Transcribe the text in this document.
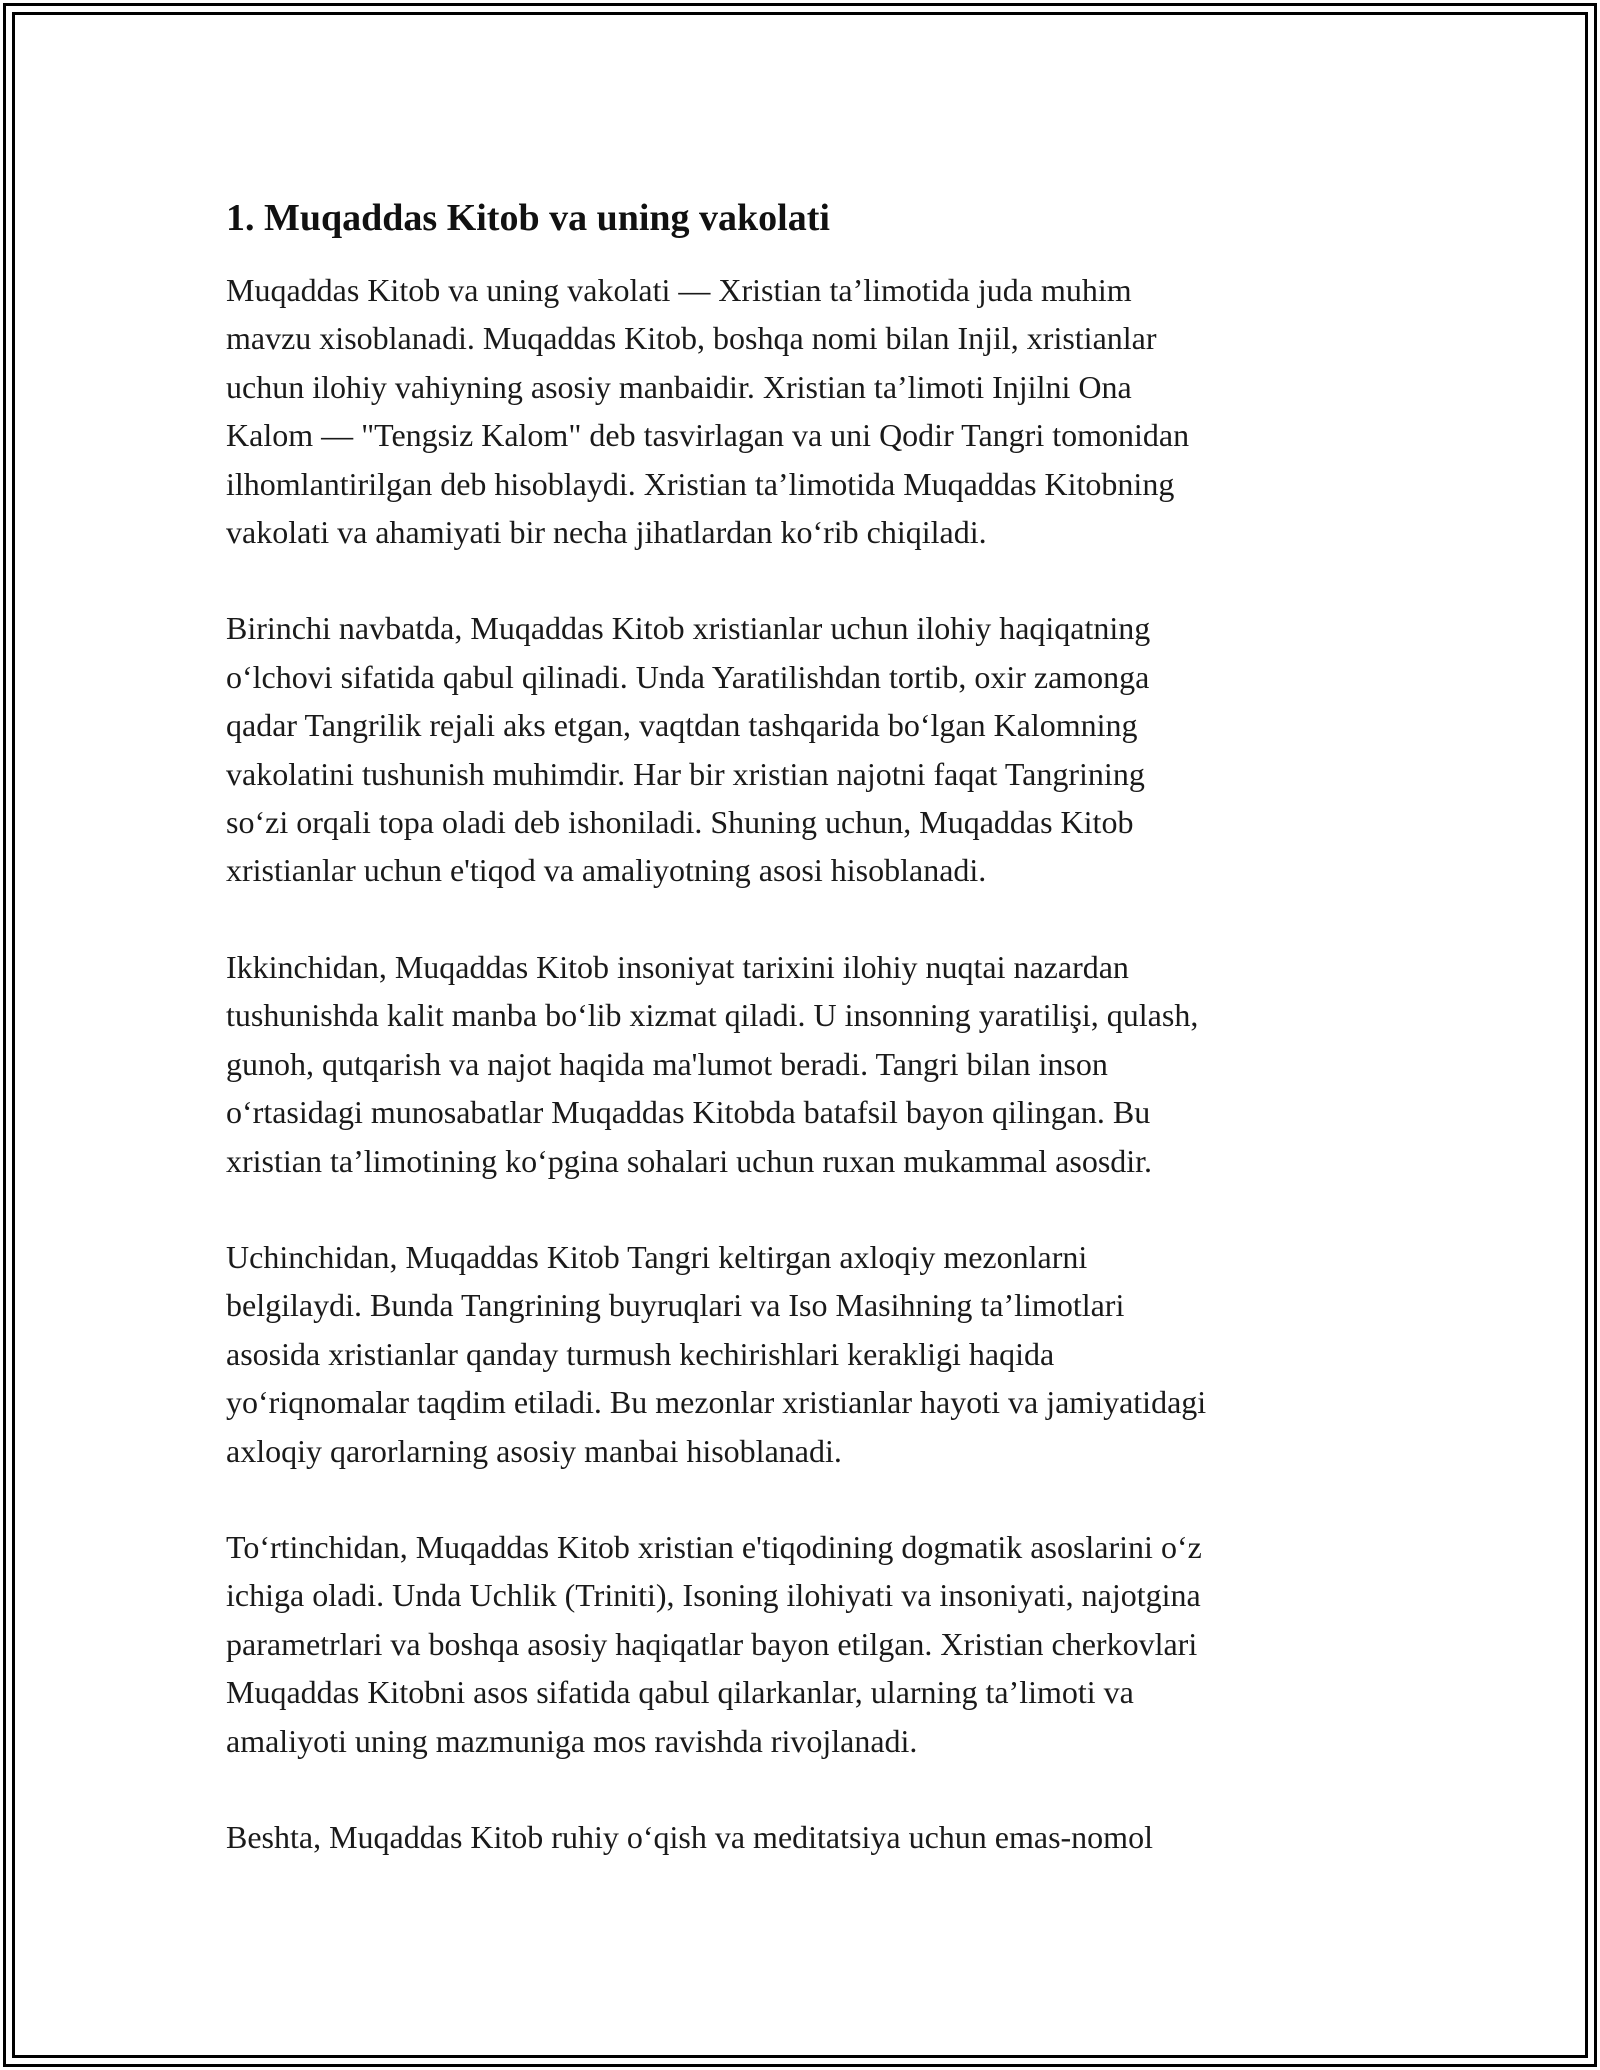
1. Muqaddas Kitob va uning vakolati

Muqaddas Kitob va uning vakolati — Xristian ta’limotida juda muhim
mavzu xisoblanadi. Muqaddas Kitob, boshqa nomi bilan Injil, xristianlar
uchun ilohiy vahiyning asosiy manbaidir. Xristian ta’limoti Injilni Ona
Kalom — "Tengsiz Kalom" deb tasvirlagan va uni Qodir Tangri tomonidan
ilhomlantirilgan deb hisoblaydi. Xristian ta’limotida Muqaddas Kitobning
vakolati va ahamiyati bir necha jihatlardan koʻrib chiqiladi.

Birinchi navbatda, Muqaddas Kitob xristianlar uchun ilohiy haqiqatning
oʻlchovi sifatida qabul qilinadi. Unda Yaratilishdan tortib, oxir zamonga
qadar Tangrilik rejali aks etgan, vaqtdan tashqarida boʻlgan Kalomning
vakolatini tushunish muhimdir. Har bir xristian najotni faqat Tangrining
soʻzi orqali topa oladi deb ishoniladi. Shuning uchun, Muqaddas Kitob
xristianlar uchun e'tiqod va amaliyotning asosi hisoblanadi.

Ikkinchidan, Muqaddas Kitob insoniyat tarixini ilohiy nuqtai nazardan
tushunishda kalit manba boʻlib xizmat qiladi. U insonning yaratilişi, qulash,
gunoh, qutqarish va najot haqida ma'lumot beradi. Tangri bilan inson
oʻrtasidagi munosabatlar Muqaddas Kitobda batafsil bayon qilingan. Bu
xristian ta’limotining koʻpgina sohalari uchun ruxan mukammal asosdir.

Uchinchidan, Muqaddas Kitob Tangri keltirgan axloqiy mezonlarni
belgilaydi. Bunda Tangrining buyruqlari va Iso Masihning ta’limotlari
asosida xristianlar qanday turmush kechirishlari kerakligi haqida
yoʻriqnomalar taqdim etiladi. Bu mezonlar xristianlar hayoti va jamiyatidagi
axloqiy qarorlarning asosiy manbai hisoblanadi.

Toʻrtinchidan, Muqaddas Kitob xristian e'tiqodining dogmatik asoslarini oʻz
ichiga oladi. Unda Uchlik (Triniti), Isoning ilohiyati va insoniyati, najotgina
parametrlari va boshqa asosiy haqiqatlar bayon etilgan. Xristian cherkovlari
Muqaddas Kitobni asos sifatida qabul qilarkanlar, ularning ta’limoti va
amaliyoti uning mazmuniga mos ravishda rivojlanadi.

Beshta, Muqaddas Kitob ruhiy oʻqish va meditatsiya uchun emas-nomol
